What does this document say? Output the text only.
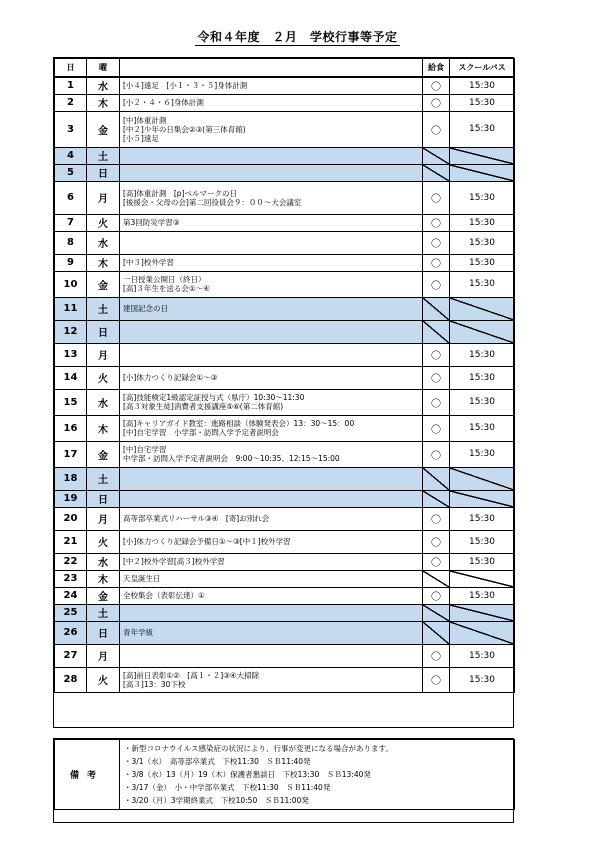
令和４年度　２月　学校行事等予定
日	曜		給食	スクールバス
1	水	[小４]遠足　[小１・３・５]身体計測	〇	15:30
2	木	[小２・４・６]身体計測	〇	15:30
3	金	[中]体重計測
[中２]少年の日集会②③(第三体育館)
[小５]遠足	〇	15:30
4	土			
5	日			
6	月	[高]体重計測　[p]ベルマークの日
[後援会・父母の会]第二回役員会９：００～大会議室	〇	15:30
7	火	第3回防災学習③	〇	15:30
8	水		〇	15:30
9	木	[中３]校外学習	〇	15:30
10	金	一日授業公開日（終日）
[高]３年生を送る会①～④	〇	15:30
11	土	建国記念の日		

12	日			
13	月		〇	15:30
14	火	[小]体力つくり記録会①～③	〇	15:30
15	水	[高]技能検定1級認定証授与式（県庁）10:30～11:30
[高３対象生徒]消費者支援講座⑤⑥(第二体育館)	〇	15:30
16	木	[高]キャリアガイド教室：進路相談（体験発表会）13：30～15：00
[中]自宅学習　小学部・訪問入学予定者説明会	〇	15:30
17	金	[中]自宅学習
中学部・訪問入学予定者説明会　9:00～10:35、12:15～15:00	〇	15:30
18	土			
19	日			
20	月	高等部卒業式リハーサル③④　[寄]お別れ会	〇	15:30
21	火	[小]体力つくり記録会予備日①～③[中１]校外学習	〇	15:30
22	水	[中２]校外学習[高３]校外学習	〇	15:30
23	木	天皇誕生日		

24	金	全校集会（表彰伝達）①	〇	15:30
25	土			
26	日	青年学級		

27	月		〇	15:30
28	火	[高]前日表彰①②　[高１・２]③④大掃除
[高３]13：30下校	〇	15:30
備考	
・新型コロナウイルス感染症の状況により、行事が変更になる場合があります。
・3/1（水）　高等部卒業式　下校11:30　ＳＢ11:40発
・3/8（水）13（月）19（木）保護者懇談日　下校13:30　ＳＢ13:40発
・3/17（金）　小・中学部卒業式　下校11:30　ＳＢ11:40発
・3/20（月）3学期終業式　下校10:50　ＳＢ11:00発
